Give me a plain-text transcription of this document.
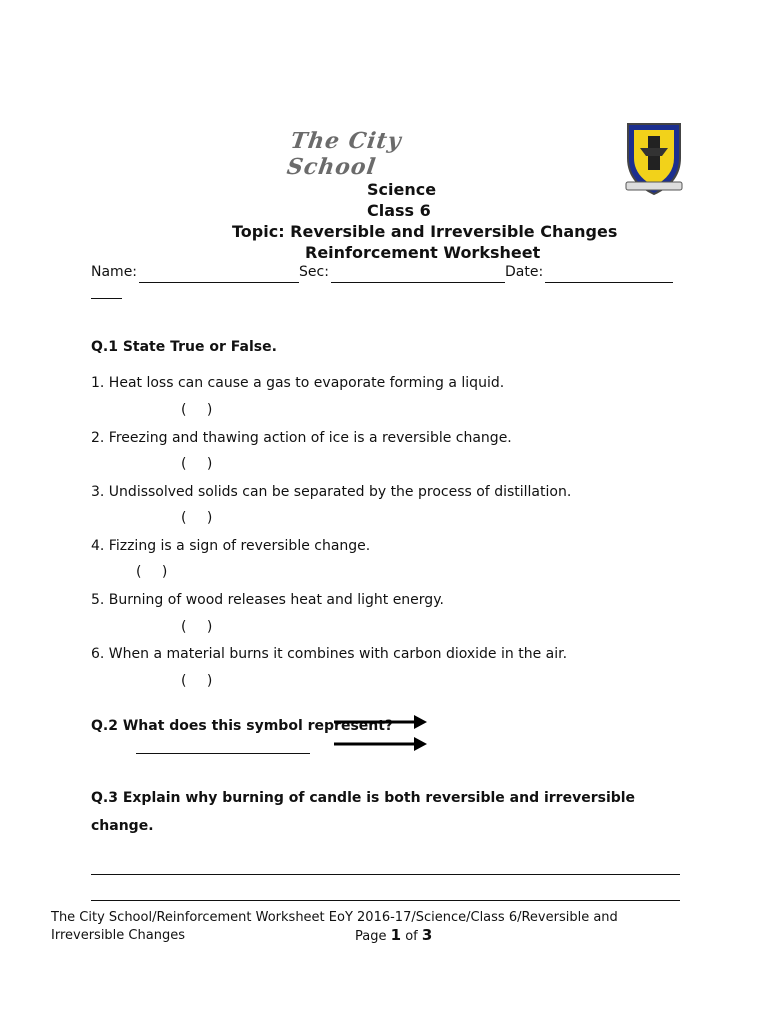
The City School
Science
Class 6
Topic: Reversible and Irreversible Changes
Reinforcement Worksheet
Name:	Sec:	Date:
Q.1 State True or False.
1. Heat loss can cause a gas to evaporate forming a liquid.
( )
2. Freezing and thawing action of ice is a reversible change.
( )
3. Undissolved solids can be separated by the process of distillation.
( )
4. Fizzing is a sign of reversible change.
( )
5. Burning of wood releases heat and light energy.
( )
6. When a material burns it combines with carbon dioxide in the air.
( )
Q.2 What does this symbol represent?
Q.3 Explain why burning of candle is both reversible and irreversible
change.
The City School/Reinforcement Worksheet EoY 2016-17/Science/Class 6/Reversible and
Irreversible Changes	Page 1 of 3
